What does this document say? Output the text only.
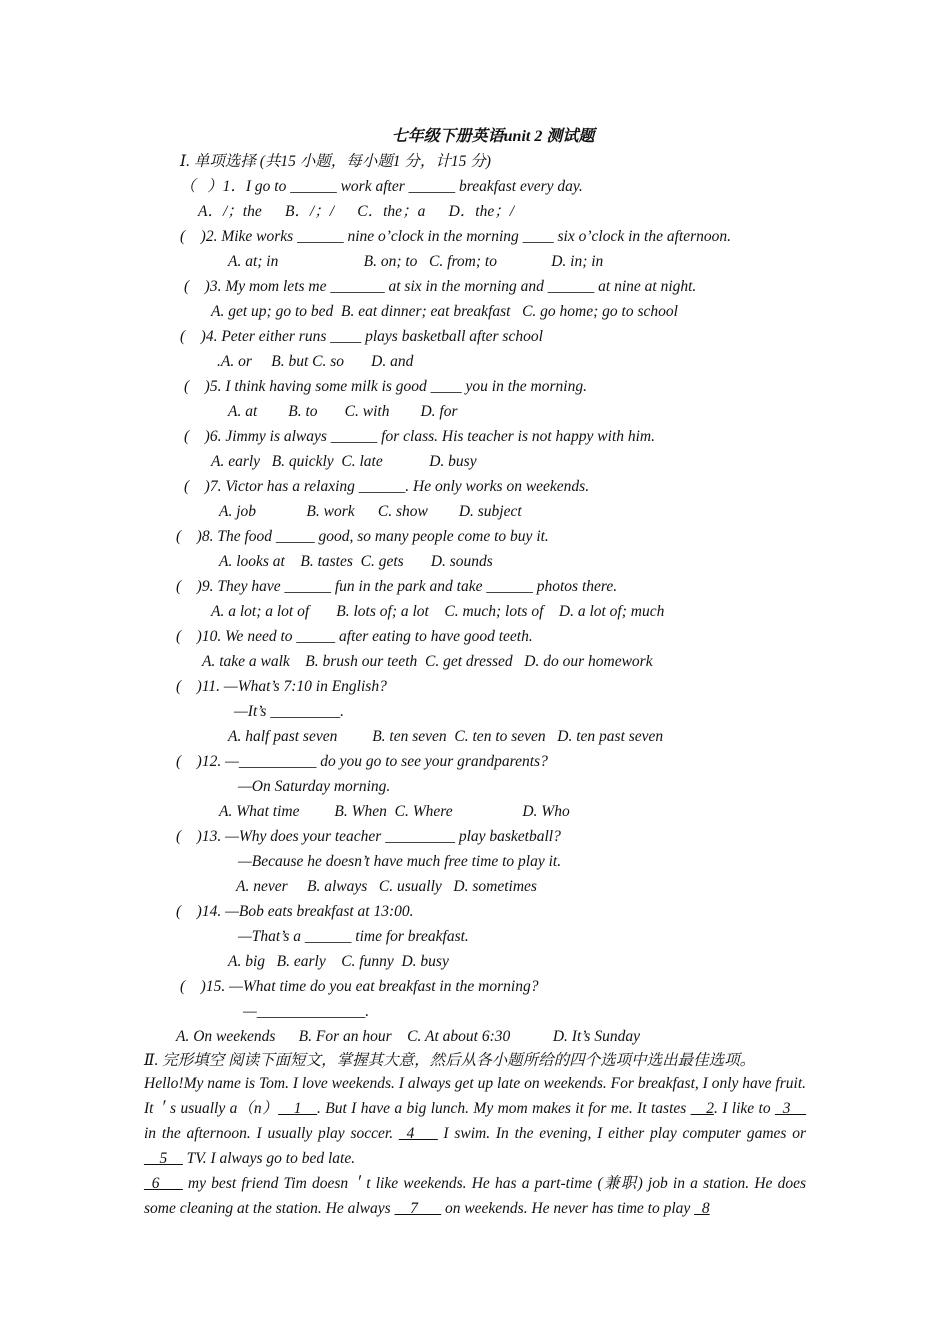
七年级下册英语unit 2 测试题
Ⅰ. 单项选择 (共15 小题，每小题1 分，计15 分)
（   ）1．I go to ______ work after ______ breakfast every day.
A．/；the      B．/；/      C．the；a      D．the；/
(    )2. Mike works ______ nine o’clock in the morning ____ six o’clock in the afternoon.
A. at; in                      B. on; to   C. from; to              D. in; in
(    )3. My mom lets me _______ at six in the morning and ______ at nine at night.
A. get up; go to bed  B. eat dinner; eat breakfast   C. go home; go to school
(    )4. Peter either runs ____ plays basketball after school
.A. or     B. but C. so       D. and
(    )5. I think having some milk is good ____ you in the morning.
A. at        B. to       C. with        D. for
(    )6. Jimmy is always ______ for class. His teacher is not happy with him.
A. early   B. quickly  C. late            D. busy
(    )7. Victor has a relaxing ______. He only works on weekends.
A. job             B. work      C. show        D. subject
(    )8. The food _____ good, so many people come to buy it.
A. looks at    B. tastes  C. gets       D. sounds
(    )9. They have ______ fun in the park and take ______ photos there.
A. a lot; a lot of       B. lots of; a lot    C. much; lots of    D. a lot of; much
(    )10. We need to _____ after eating to have good teeth.
A. take a walk    B. brush our teeth  C. get dressed   D. do our homework
(    )11. —What’s 7:10 in English?
—It’s _________.
A. half past seven         B. ten seven  C. ten to seven   D. ten past seven
(    )12. —__________ do you go to see your grandparents?
—On Saturday morning.
A. What time         B. When  C. Where                  D. Who
(    )13. —Why does your teacher _________ play basketball?
—Because he doesn’t have much free time to play it.
A. never     B. always   C. usually   D. sometimes
(    )14. —Bob eats breakfast at 13:00.
—That’s a ______ time for breakfast.
A. big   B. early    C. funny  D. busy
(    )15. —What time do you eat breakfast in the morning?
—______________.
A. On weekends      B. For an hour    C. At about 6:30           D. It’s Sunday
Ⅱ. 完形填空 阅读下面短文，掌握其大意，然后从各小题所给的四个选项中选出最佳选项。
Hello!My name is Tom. I love weekends. I always get up late on weekends. For breakfast, I only have fruit. It＇s usually a（n）__1__. But I have a big lunch. My mom makes it for me. It tastes __2. I like to _3__ in the afternoon. I usually play soccer. _4___ I swim. In the evening, I either play computer games or __5__ TV. I always go to bed late.
_6___ my best friend Tim doesn＇t like weekends. He has a part-time (兼职) job in a station. He does some cleaning at the station. He always __7___ on weekends. He never has time to play _8
